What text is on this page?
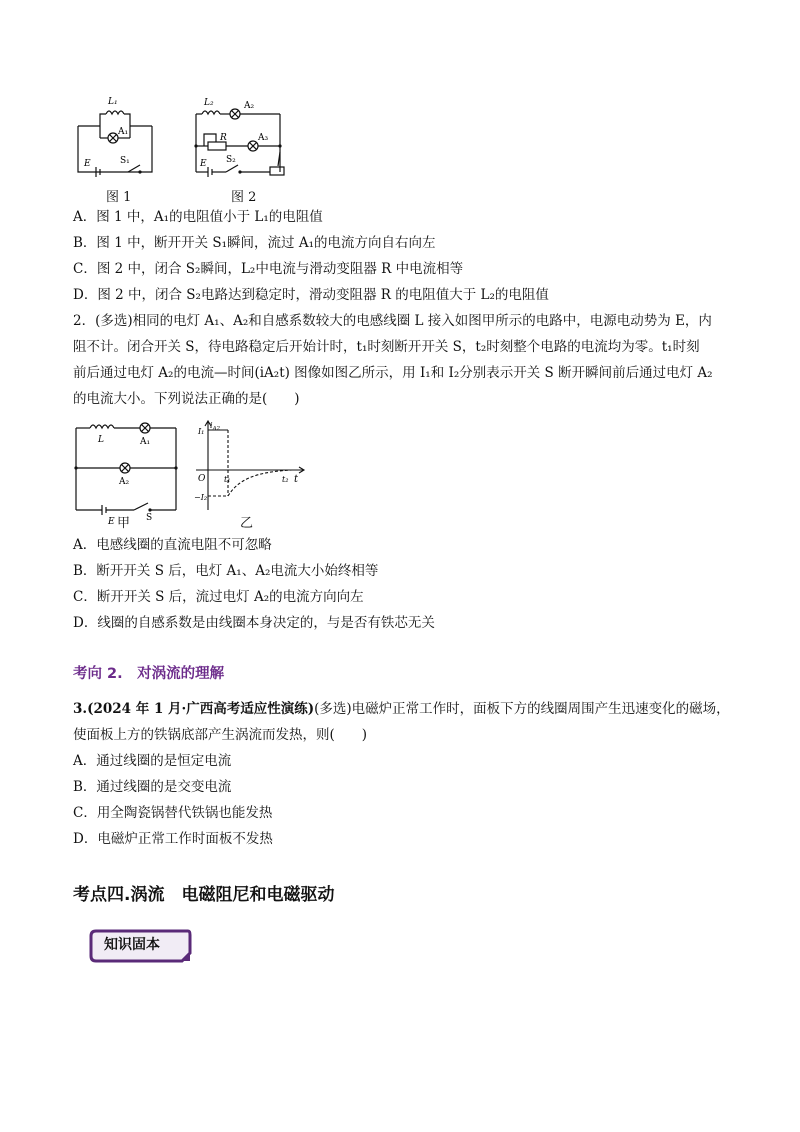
L₁
A₁
E	S₁
图 1
L₂	A₂
R	A₃
E S₂
图 2
A．图 1 中，A₁的电阻值小于 L₁的电阻值
B．图 1 中，断开开关 S₁瞬间，流过 A₁的电流方向自右向左
C．图 2 中，闭合 S₂瞬间，L₂中电流与滑动变阻器 R 中电流相等
D．图 2 中，闭合 S₂电路达到稳定时，滑动变阻器 R 的电阻值大于 L₂的电阻值
2．(多选)相同的电灯 A₁、A₂和自感系数较大的电感线圈 L 接入如图甲所示的电路中，电源电动势为 E，内
阻不计。闭合开关 S，待电路稳定后开始计时，t₁时刻断开开关 S，t₂时刻整个电路的电流均为零。t₁时刻
前后通过电灯 A₂的电流—时间(iA₂t) 图像如图乙所示，用 I₁和 I₂分别表示开关 S 断开瞬间前后通过电灯 A₂
的电流大小。下列说法正确的是(　　)
L	A₁
A₂
E	S
甲
$i_{A2}$
t
O
I₁
−I₂
t₁	t₂
乙
A．电感线圈的直流电阻不可忽略
B．断开开关 S 后，电灯 A₁、A₂电流大小始终相等
C．断开开关 S 后，流过电灯 A₂的电流方向向左
D．线圈的自感系数是由线圈本身决定的，与是否有铁芯无关
考向 2.　对涡流的理解
3.(2024 年 1 月·广西高考适应性演练)(多选)电磁炉正常工作时，面板下方的线圈周围产生迅速变化的磁场，
使面板上方的铁锅底部产生涡流而发热，则(　　)
A．通过线圈的是恒定电流
B．通过线圈的是交变电流
C．用全陶瓷锅替代铁锅也能发热
D．电磁炉正常工作时面板不发热
考点四.涡流　电磁阻尼和电磁驱动
知识固本
